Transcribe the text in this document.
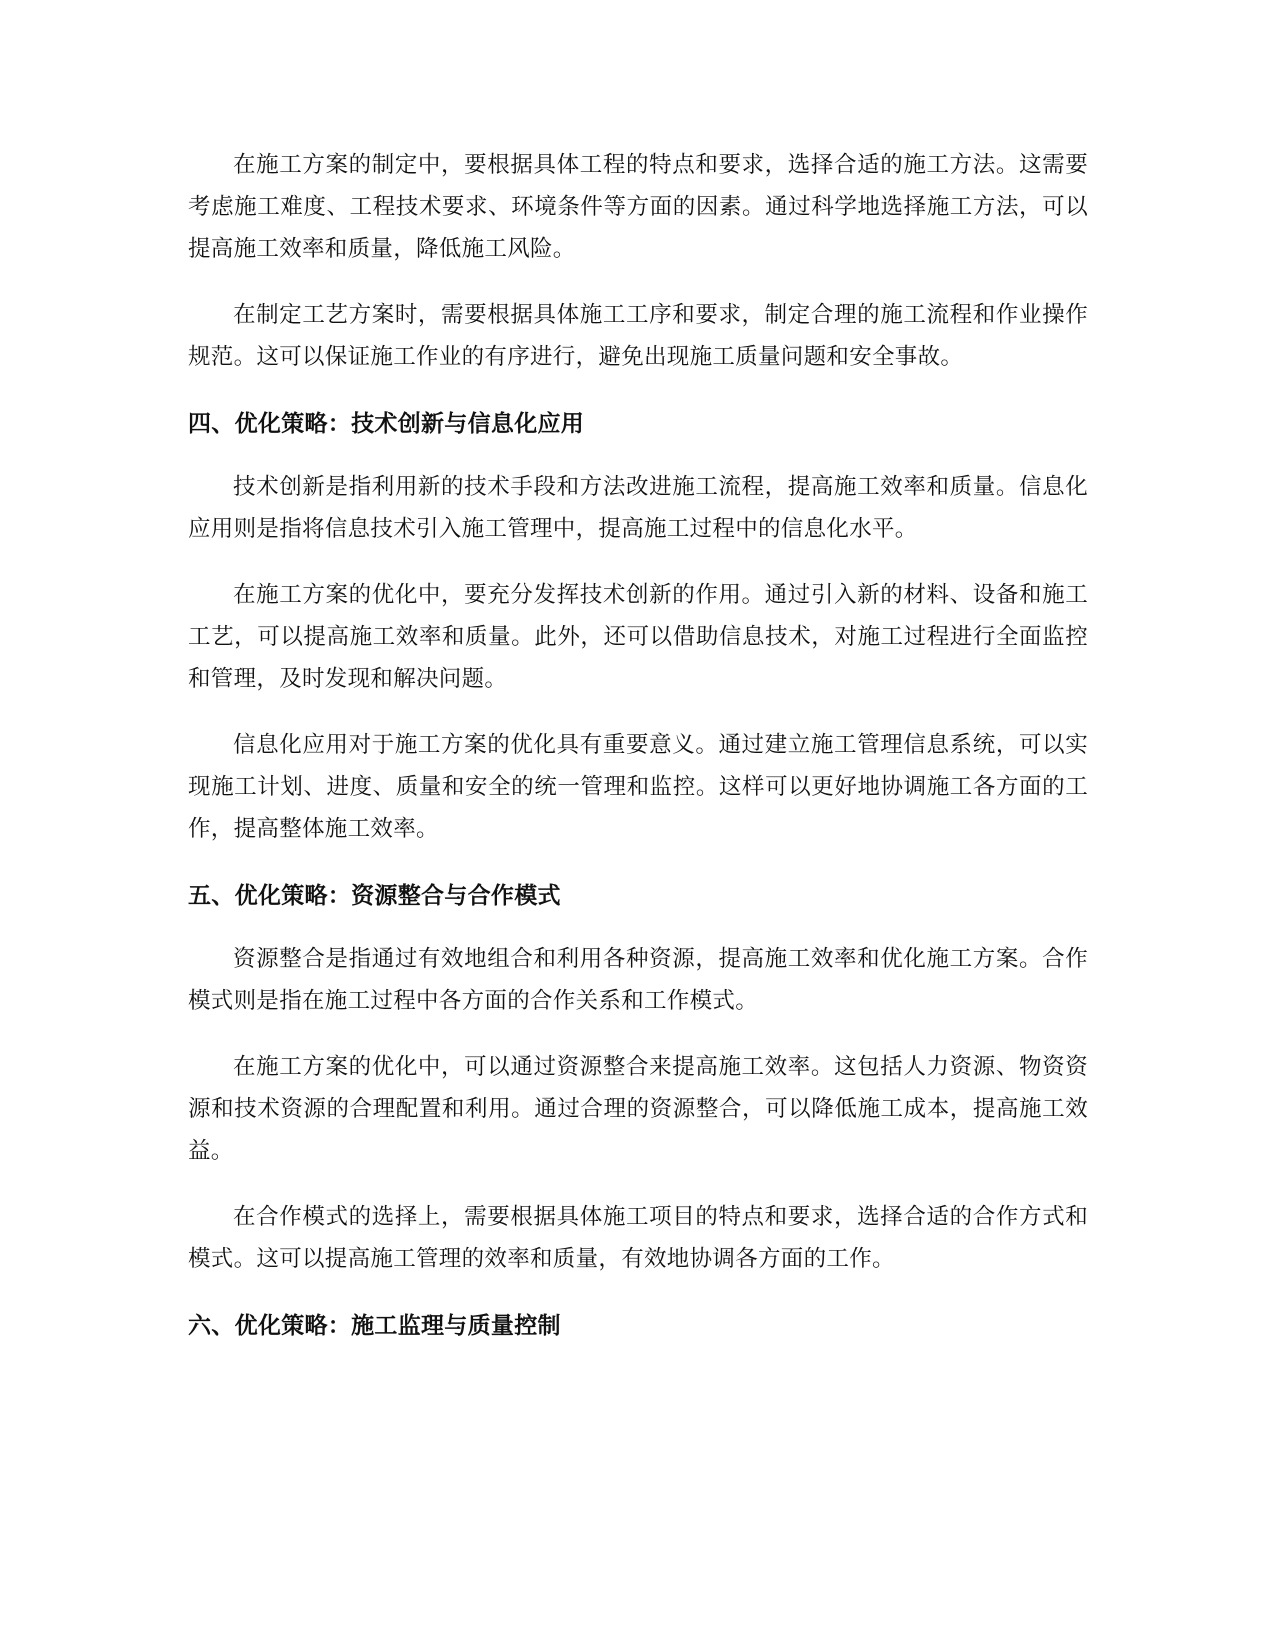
在施工方案的制定中，要根据具体工程的特点和要求，选择合适的施工方法。这需要考虑施工难度、工程技术要求、环境条件等方面的因素。通过科学地选择施工方法，可以提高施工效率和质量，降低施工风险。

在制定工艺方案时，需要根据具体施工工序和要求，制定合理的施工流程和作业操作规范。这可以保证施工作业的有序进行，避免出现施工质量问题和安全事故。

四、优化策略：技术创新与信息化应用

技术创新是指利用新的技术手段和方法改进施工流程，提高施工效率和质量。信息化应用则是指将信息技术引入施工管理中，提高施工过程中的信息化水平。

在施工方案的优化中，要充分发挥技术创新的作用。通过引入新的材料、设备和施工工艺，可以提高施工效率和质量。此外，还可以借助信息技术，对施工过程进行全面监控和管理，及时发现和解决问题。

信息化应用对于施工方案的优化具有重要意义。通过建立施工管理信息系统，可以实现施工计划、进度、质量和安全的统一管理和监控。这样可以更好地协调施工各方面的工作，提高整体施工效率。

五、优化策略：资源整合与合作模式

资源整合是指通过有效地组合和利用各种资源，提高施工效率和优化施工方案。合作模式则是指在施工过程中各方面的合作关系和工作模式。

在施工方案的优化中，可以通过资源整合来提高施工效率。这包括人力资源、物资资源和技术资源的合理配置和利用。通过合理的资源整合，可以降低施工成本，提高施工效益。

在合作模式的选择上，需要根据具体施工项目的特点和要求，选择合适的合作方式和模式。这可以提高施工管理的效率和质量，有效地协调各方面的工作。

六、优化策略：施工监理与质量控制
